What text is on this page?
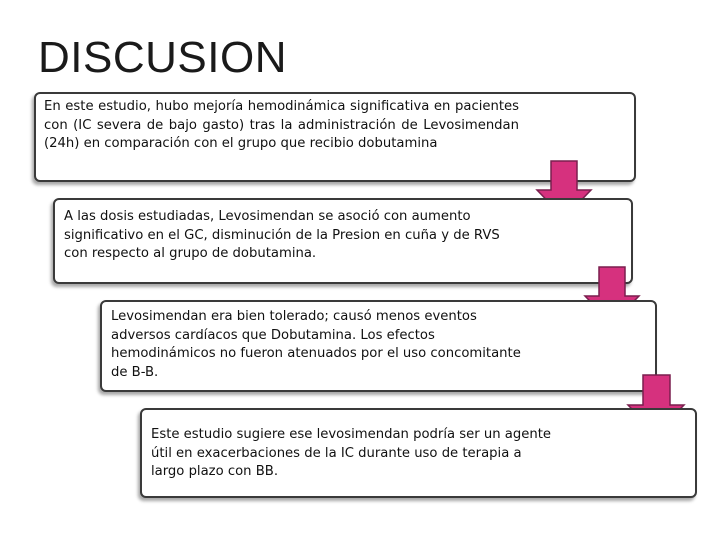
DISCUSION
En este estudio, hubo mejoría hemodinámica significativa en pacientes con (IC severa de bajo gasto) tras la administración de Levosimendan (24h) en comparación con el grupo que recibio dobutamina
A las dosis estudiadas, Levosimendan se asoció con aumento significativo en el GC, disminución de la Presion en cuña y de RVS con respecto al grupo de dobutamina.
Levosimendan era bien tolerado; causó menos eventos adversos cardíacos que Dobutamina. Los efectos hemodinámicos no fueron atenuados por el uso concomitante de B-B.
Este estudio sugiere ese levosimendan podría ser un agente útil en exacerbaciones de la IC durante uso de terapia a largo plazo con BB.
